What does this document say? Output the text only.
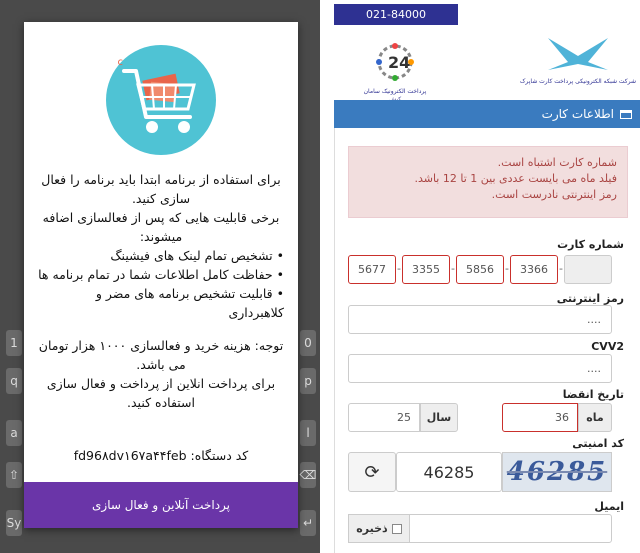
1	0
q	p
a	l
⇧	⌫
Sy	↵
c

برای استفاده از برنامه ابتدا باید برنامه را فعال سازی کنید.

برخی قابلیت هایی که پس از فعالسازی اضافه میشوند:

• تشخیص تمام لینک های فیشینگ

• حفاظت کامل اطلاعات شما در تمام برنامه ها

• قابلیت تشخیص برنامه های مضر و کلاهبرداری

توجه: هزینه خرید و فعالسازی ۱۰۰۰ هزار تومان می باشد.

برای پرداخت انلاین از پرداخت و فعال سازی استفاده کنید.

کد دستگاه: fd96۸dv۱6۷a۴۴feb
پرداخت آنلاین و فعال سازی
021-84000
24
پرداخت الکترونیک سامان
شرکت شبکه الکترونیکی پرداخت کارت شاپرک
اطلاعات کارت
شماره کارت اشتباه است.
فیلد ماه می بایست عددی بین 1 تا 12 باشد.
رمز اینترنتی نادرست است.
شماره کارت
5677	3355	5856	3366
-	-	-	-
رمز اینترنتی
....
CVV2
....
تاریخ انقضا
ماه
36
سال
25
کد امنیتی
46285
46285
⟳
ایمیل
ذخیره
